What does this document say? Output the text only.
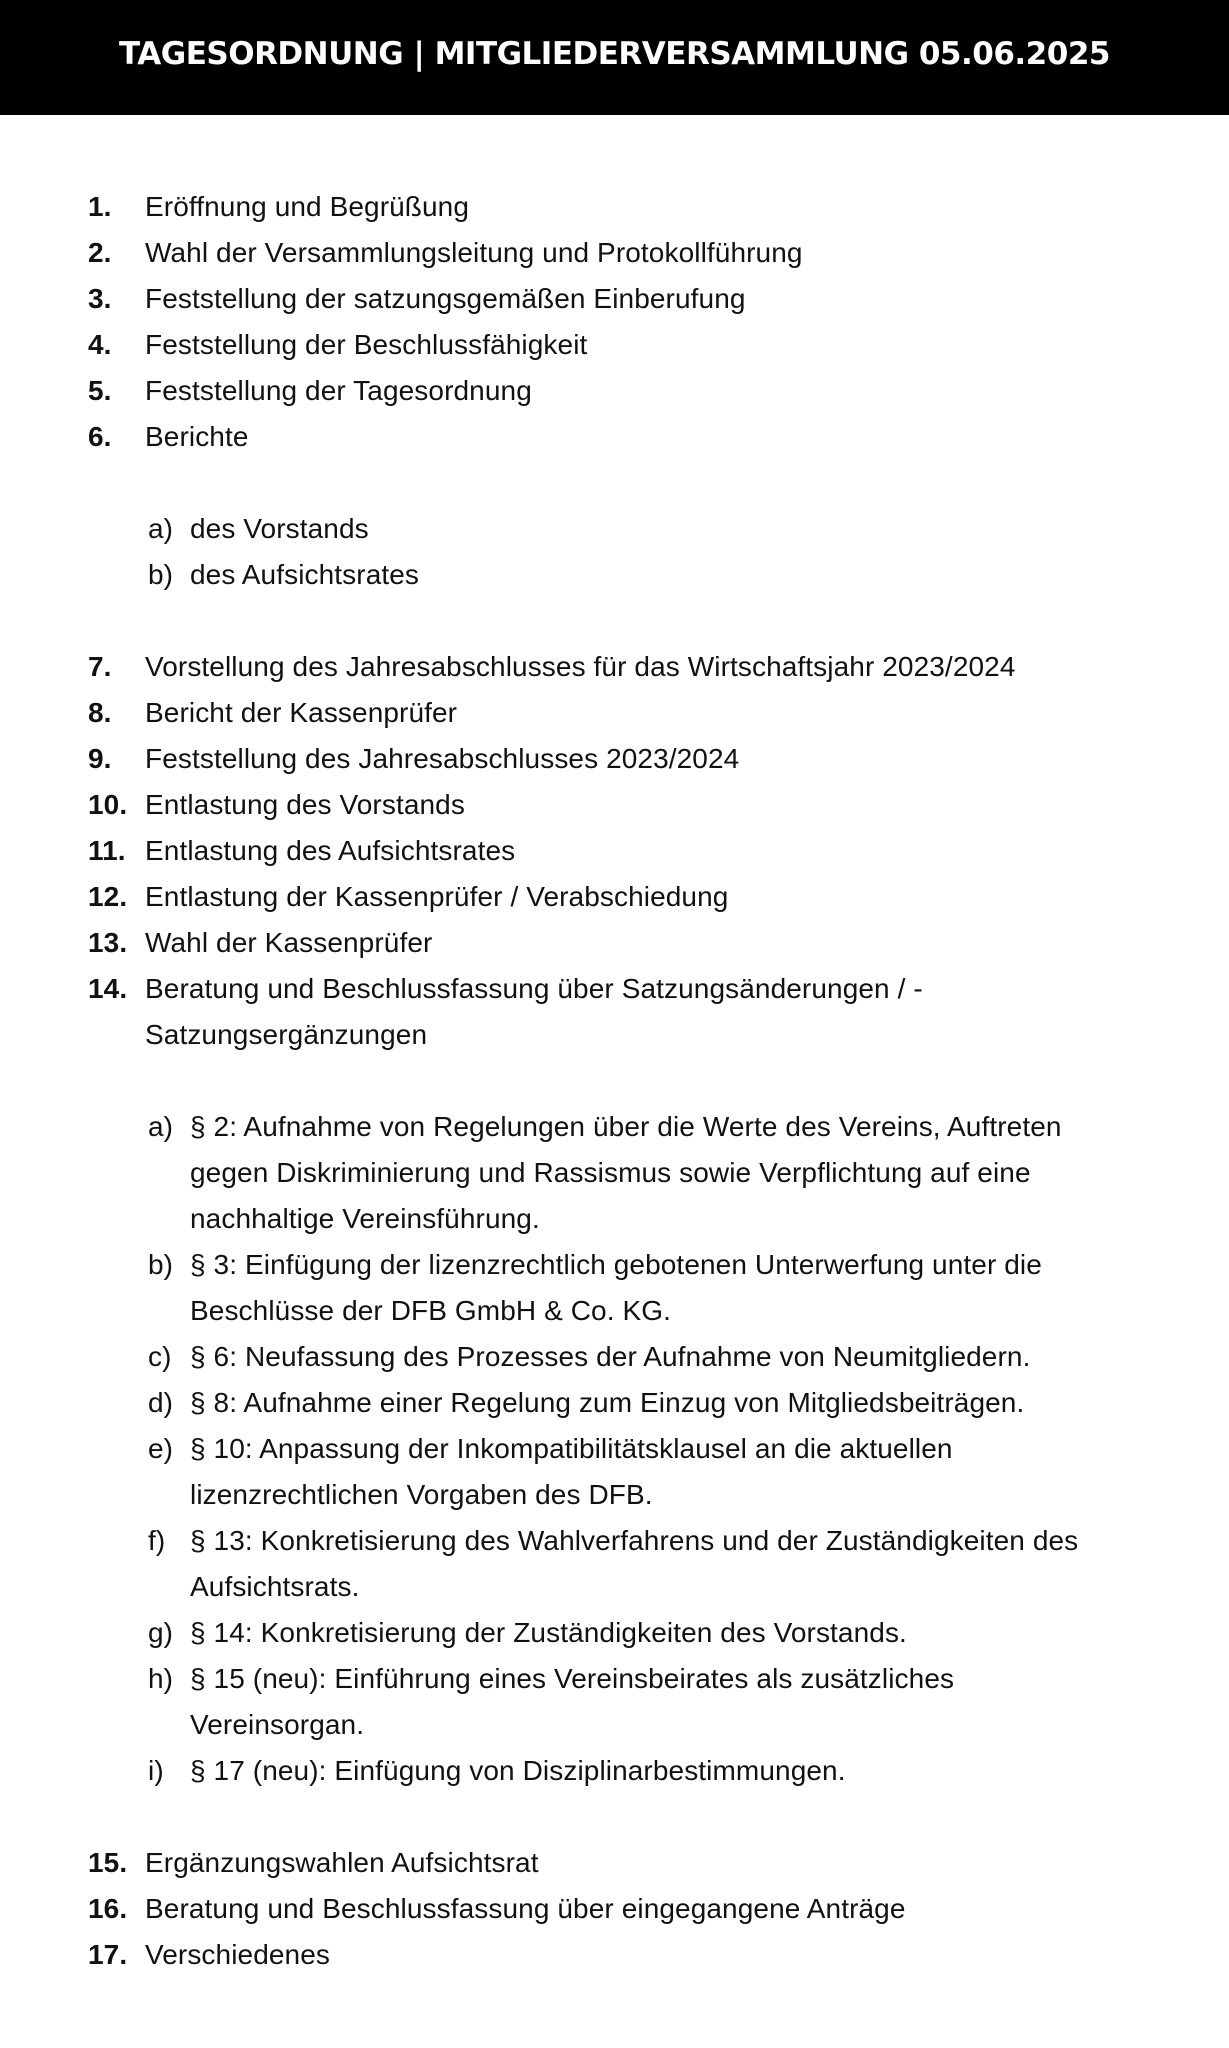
TAGESORDNUNG | MITGLIEDERVERSAMMLUNG 05.06.2025
1. Eröffnung und Begrüßung
2. Wahl der Versammlungsleitung und Protokollführung
3. Feststellung der satzungsgemäßen Einberufung
4. Feststellung der Beschlussfähigkeit
5. Feststellung der Tagesordnung
6. Berichte
a) des Vorstands
b) des Aufsichtsrates
7. Vorstellung des Jahresabschlusses für das Wirtschaftsjahr 2023/2024
8. Bericht der Kassenprüfer
9. Feststellung des Jahresabschlusses 2023/2024
10. Entlastung des Vorstands
11. Entlastung des Aufsichtsrates
12. Entlastung der Kassenprüfer / Verabschiedung
13. Wahl der Kassenprüfer
14. Beratung und Beschlussfassung über Satzungsänderungen / -
Satzungsergänzungen
a) § 2: Aufnahme von Regelungen über die Werte des Vereins, Auftreten
gegen Diskriminierung und Rassismus sowie Verpflichtung auf eine
nachhaltige Vereinsführung.
b) § 3: Einfügung der lizenzrechtlich gebotenen Unterwerfung unter die
Beschlüsse der DFB GmbH & Co. KG.
c) § 6: Neufassung des Prozesses der Aufnahme von Neumitgliedern.
d) § 8: Aufnahme einer Regelung zum Einzug von Mitgliedsbeiträgen.
e) § 10: Anpassung der Inkompatibilitätsklausel an die aktuellen
lizenzrechtlichen Vorgaben des DFB.
f) § 13: Konkretisierung des Wahlverfahrens und der Zuständigkeiten des
Aufsichtsrats.
g) § 14: Konkretisierung der Zuständigkeiten des Vorstands.
h) § 15 (neu): Einführung eines Vereinsbeirates als zusätzliches
Vereinsorgan.
i) § 17 (neu): Einfügung von Disziplinarbestimmungen.
15. Ergänzungswahlen Aufsichtsrat
16. Beratung und Beschlussfassung über eingegangene Anträge
17. Verschiedenes
